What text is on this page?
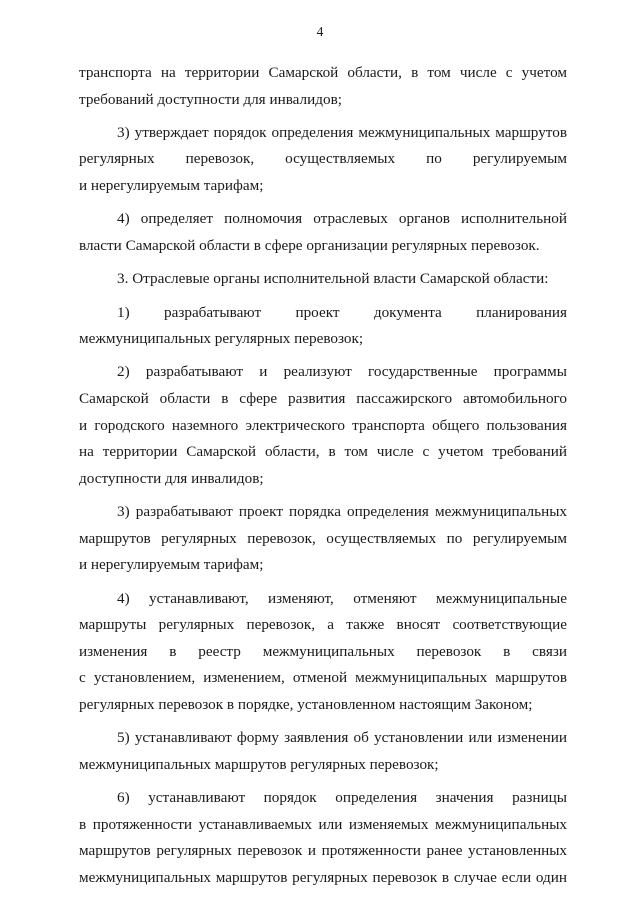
4
транспорта на территории Самарской области, в том числе с учетом
требований доступности для инвалидов;
3) утверждает порядок определения межмуниципальных маршрутов
регулярных перевозок, осуществляемых по регулируемым
и нерегулируемым тарифам;
4) определяет полномочия отраслевых органов исполнительной
власти Самарской области в сфере организации регулярных перевозок.
3. Отраслевые органы исполнительной власти Самарской области:
1) разрабатывают проект документа планирования
межмуниципальных регулярных перевозок;
2) разрабатывают и реализуют государственные программы
Самарской области в сфере развития пассажирского автомобильного
и городского наземного электрического транспорта общего пользования
на территории Самарской области, в том числе с учетом требований
доступности для инвалидов;
3) разрабатывают проект порядка определения межмуниципальных
маршрутов регулярных перевозок, осуществляемых по регулируемым
и нерегулируемым тарифам;
4) устанавливают, изменяют, отменяют межмуниципальные
маршруты регулярных перевозок, а также вносят соответствующие
изменения в реестр межмуниципальных перевозок в связи
с установлением, изменением, отменой межмуниципальных маршрутов
регулярных перевозок в порядке, установленном настоящим Законом;
5) устанавливают форму заявления об установлении или изменении
межмуниципальных маршрутов регулярных перевозок;
6) устанавливают порядок определения значения разницы
в протяженности устанавливаемых или изменяемых межмуниципальных
маршрутов регулярных перевозок и протяженности ранее установленных
межмуниципальных маршрутов регулярных перевозок в случае если один
